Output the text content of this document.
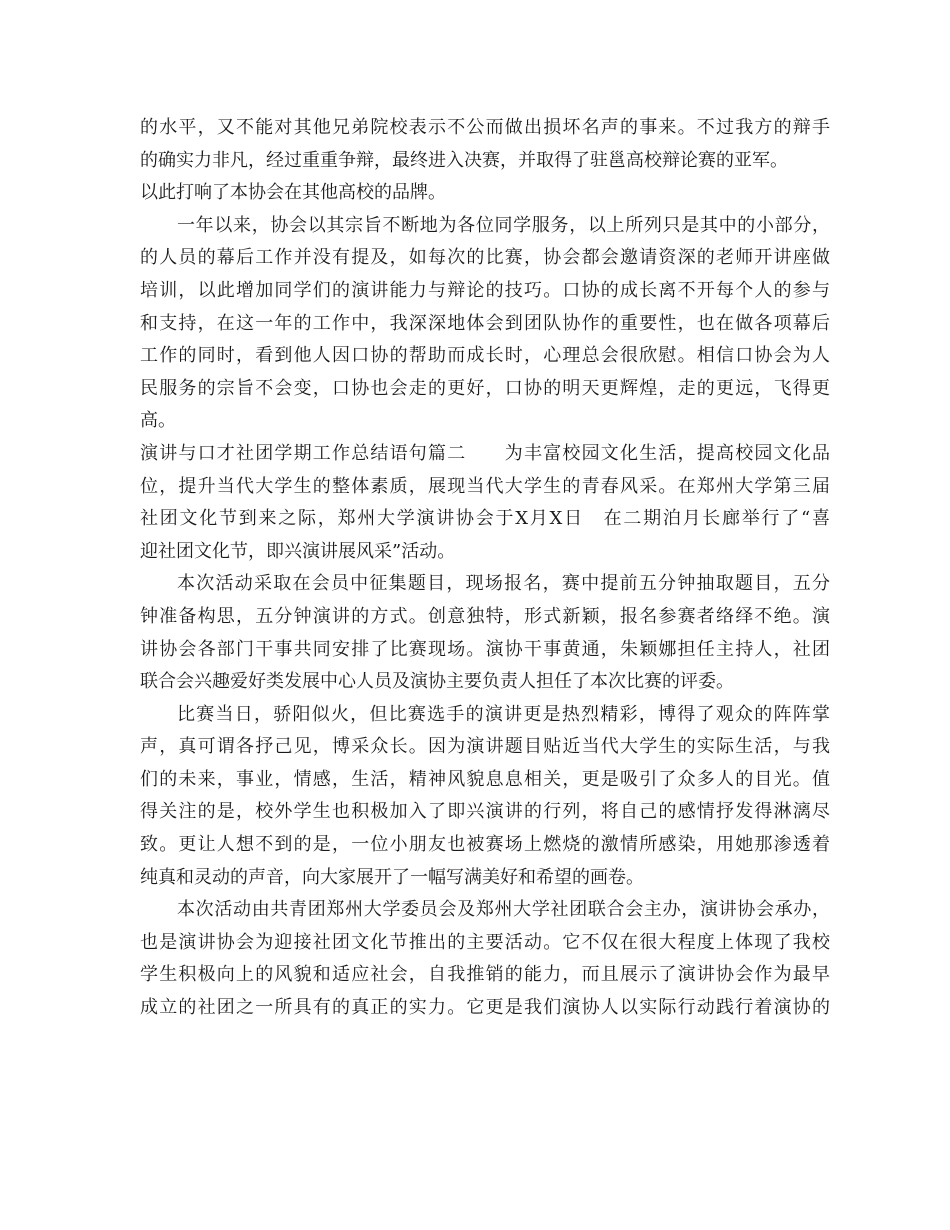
的水平，又不能对其他兄弟院校表示不公而做出损坏名声的事来。不过我方的辩手
的确实力非凡，经过重重争辩，最终进入决赛，并取得了驻邕高校辩论赛的亚军。
以此打响了本协会在其他高校的品牌。
一年以来，协会以其宗旨不断地为各位同学服务，以上所列只是其中的小部分，
的人员的幕后工作并没有提及，如每次的比赛，协会都会邀请资深的老师开讲座做
培训，以此增加同学们的演讲能力与辩论的技巧。口协的成长离不开每个人的参与
和支持，在这一年的工作中，我深深地体会到团队协作的重要性，也在做各项幕后
工作的同时，看到他人因口协的帮助而成长时，心理总会很欣慰。相信口协会为人
民服务的宗旨不会变，口协也会走的更好，口协的明天更辉煌，走的更远，飞得更
高。
演讲与口才社团学期工作总结语句篇二　　为丰富校园文化生活，提高校园文化品
位，提升当代大学生的整体素质，展现当代大学生的青春风采。在郑州大学第三届
社团文化节到来之际，郑州大学演讲协会于X月X日　在二期泊月长廊举行了“喜
迎社团文化节，即兴演讲展风采”活动。
本次活动采取在会员中征集题目，现场报名，赛中提前五分钟抽取题目，五分
钟准备构思，五分钟演讲的方式。创意独特，形式新颖，报名参赛者络绎不绝。演
讲协会各部门干事共同安排了比赛现场。演协干事黄通，朱颖娜担任主持人，社团
联合会兴趣爱好类发展中心人员及演协主要负责人担任了本次比赛的评委。
比赛当日，骄阳似火，但比赛选手的演讲更是热烈精彩，博得了观众的阵阵掌
声，真可谓各抒己见，博采众长。因为演讲题目贴近当代大学生的实际生活，与我
们的未来，事业，情感，生活，精神风貌息息相关，更是吸引了众多人的目光。值
得关注的是，校外学生也积极加入了即兴演讲的行列，将自己的感情抒发得淋漓尽
致。更让人想不到的是，一位小朋友也被赛场上燃烧的激情所感染，用她那渗透着
纯真和灵动的声音，向大家展开了一幅写满美好和希望的画卷。
本次活动由共青团郑州大学委员会及郑州大学社团联合会主办，演讲协会承办，
也是演讲协会为迎接社团文化节推出的主要活动。它不仅在很大程度上体现了我校
学生积极向上的风貌和适应社会，自我推销的能力，而且展示了演讲协会作为最早
成立的社团之一所具有的真正的实力。它更是我们演协人以实际行动践行着演协的
